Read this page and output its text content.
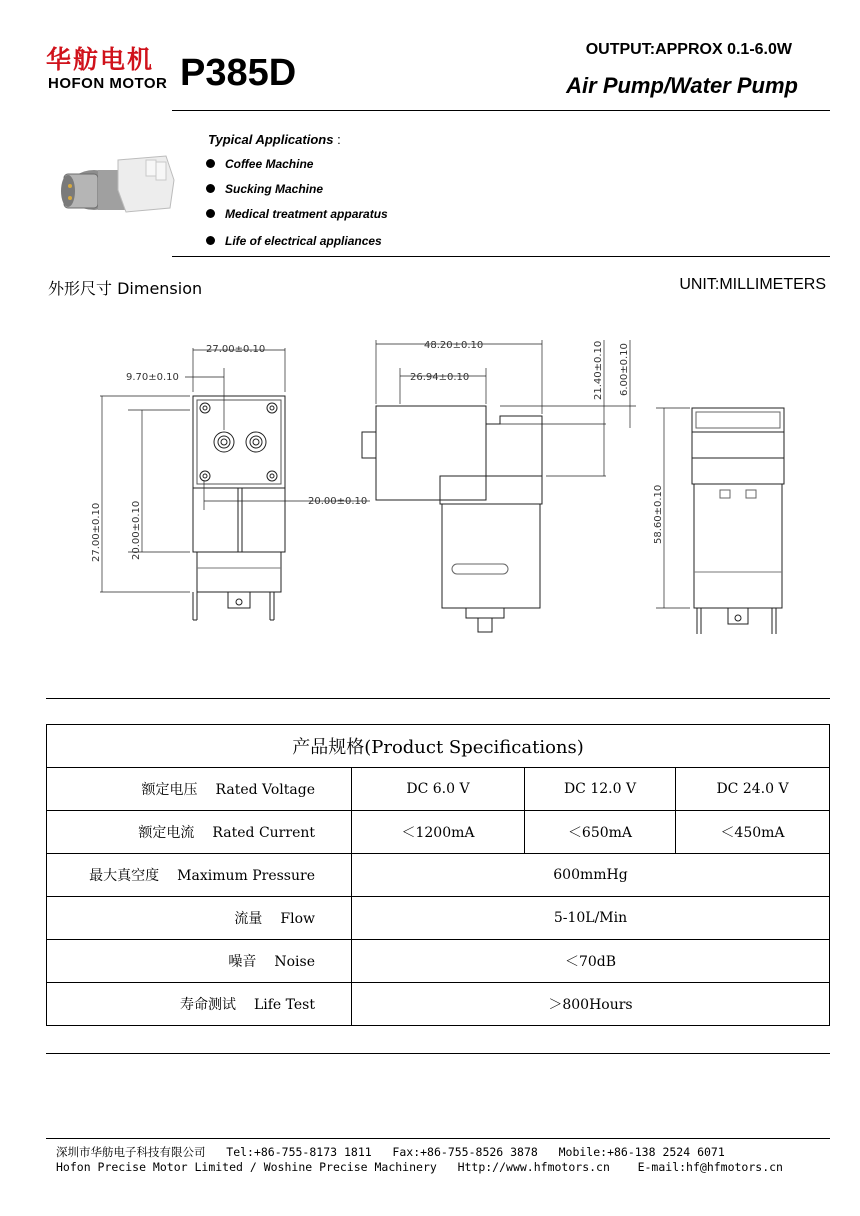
华舫电机
HOFON MOTOR P385D
OUTPUT:APPROX 0.1-6.0W
Air Pump/Water Pump
Typical Applications :
Coffee Machine
Sucking Machine
Medical treatment apparatus
Life of electrical appliances
外形尺寸 Dimension	UNIT:MILLIMETERS
27.00±0.10
9.70±0.10
20.00±0.10
27.00±0.10	20.00±0.10
48.20±0.10
26.94±0.10	21.40±0.10 6.00±0.10
58.60±0.10
产品规格(Product Specifications)			
额定电压 Rated Voltage	DC 6.0 V	DC 12.0 V	DC 24.0 V
额定电流 Rated Current	＜1200mA	＜650mA	＜450mA
最大真空度 Maximum Pressure	600mmHg		
流量 Flow	5-10L/Min		
噪音 Noise	＜70dB		
寿命测试 Life Test	＞800Hours		
深圳市华舫电子科技有限公司   Tel:+86-755-8173 1811   Fax:+86-755-8526 3878   Mobile:+86-138 2524 6071
Hofon Precise Motor Limited / Woshine Precise Machinery   Http://www.hfmotors.cn    E-mail:hf@hfmotors.cn
